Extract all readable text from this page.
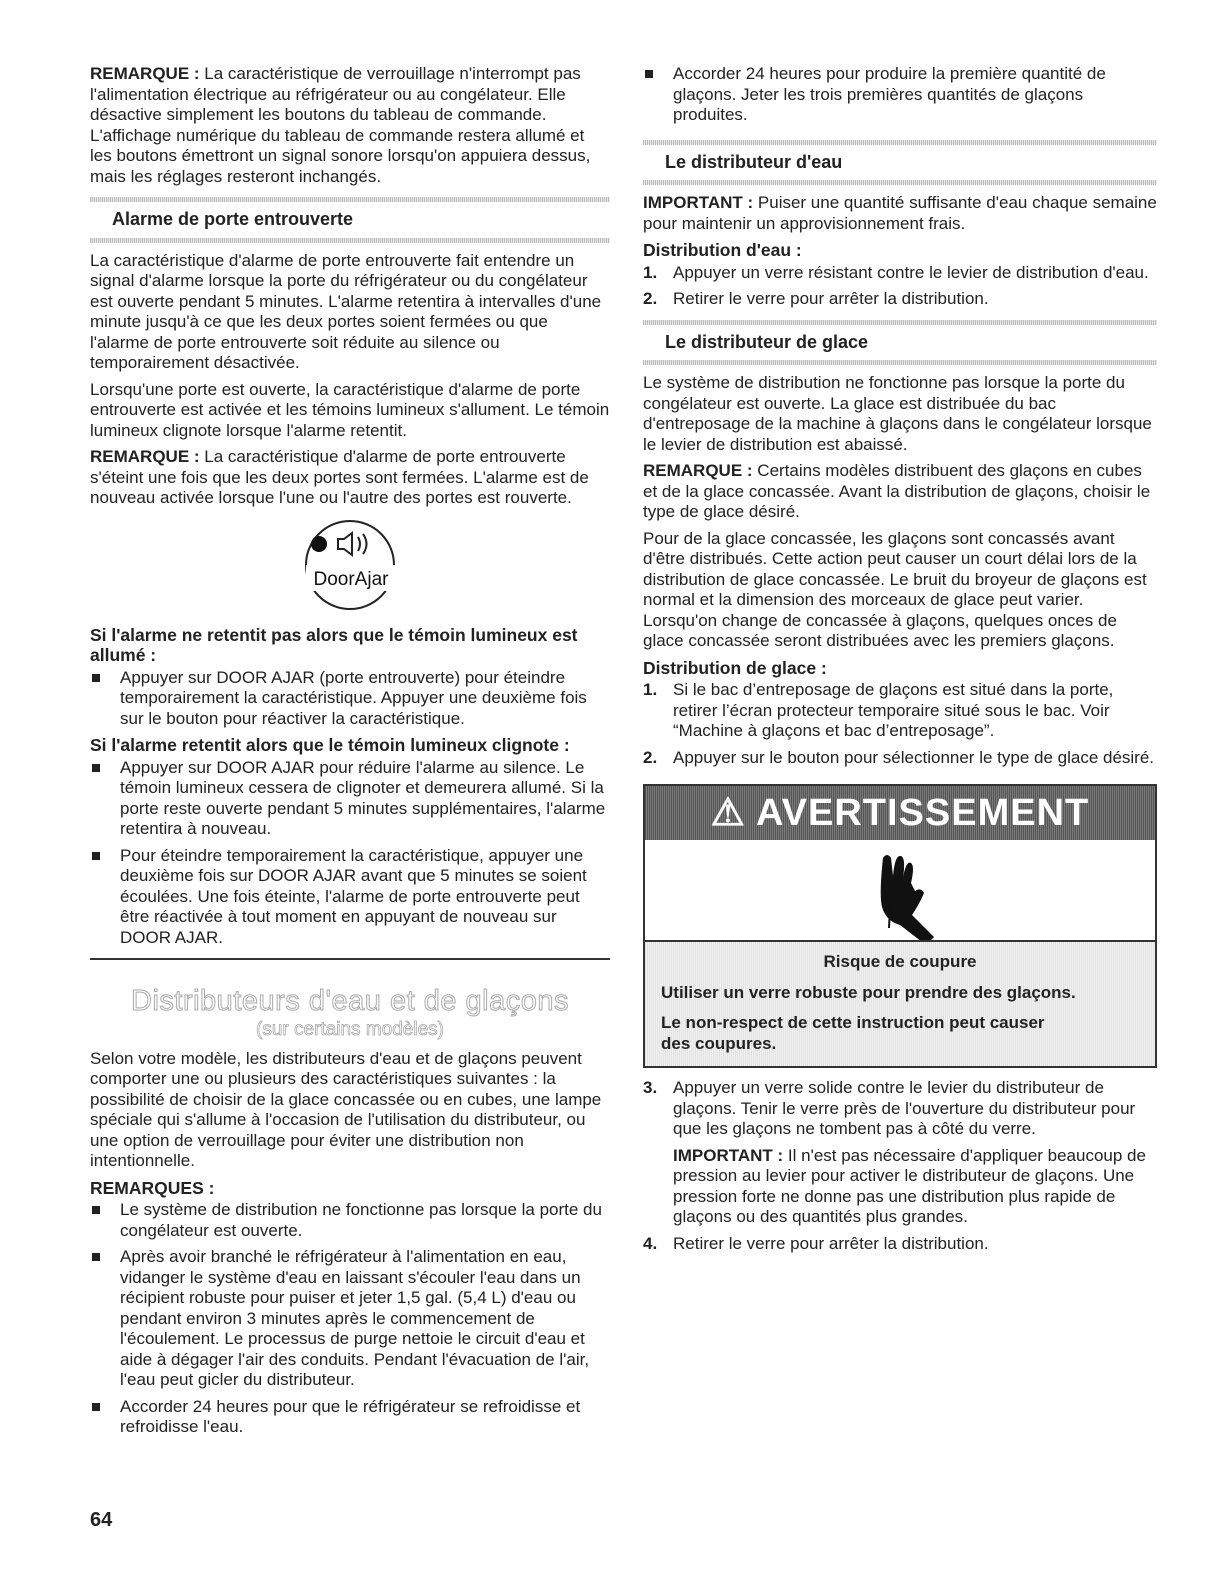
REMARQUE : La caractéristique de verrouillage n'interrompt pas l'alimentation électrique au réfrigérateur ou au congélateur. Elle désactive simplement les boutons du tableau de commande. L'affichage numérique du tableau de commande restera allumé et les boutons émettront un signal sonore lorsqu'on appuiera dessus, mais les réglages resteront inchangés.

Alarme de porte entrouverte

La caractéristique d'alarme de porte entrouverte fait entendre un signal d'alarme lorsque la porte du réfrigérateur ou du congélateur est ouverte pendant 5 minutes. L'alarme retentira à intervalles d'une minute jusqu'à ce que les deux portes soient fermées ou que l'alarme de porte entrouverte soit réduite au silence ou temporairement désactivée.

Lorsqu'une porte est ouverte, la caractéristique d'alarme de porte entrouverte est activée et les témoins lumineux s'allument. Le témoin lumineux clignote lorsque l'alarme retentit.

REMARQUE : La caractéristique d'alarme de porte entrouverte s'éteint une fois que les deux portes sont fermées. L'alarme est de nouveau activée lorsque l'une ou l'autre des portes est rouverte.

DoorAjar
Si l'alarme ne retentit pas alors que le témoin lumineux est allumé :
Appuyer sur DOOR AJAR (porte entrouverte) pour éteindre temporairement la caractéristique. Appuyer une deuxième fois sur le bouton pour réactiver la caractéristique.
Si l'alarme retentit alors que le témoin lumineux clignote :
Appuyer sur DOOR AJAR pour réduire l'alarme au silence. Le témoin lumineux cessera de clignoter et demeurera allumé. Si la porte reste ouverte pendant 5 minutes supplémentaires, l'alarme retentira à nouveau.
Pour éteindre temporairement la caractéristique, appuyer une deuxième fois sur DOOR AJAR avant que 5 minutes se soient écoulées. Une fois éteinte, l'alarme de porte entrouverte peut être réactivée à tout moment en appuyant de nouveau sur DOOR AJAR.
Distributeurs d'eau et de glaçons
(sur certains modèles)

Selon votre modèle, les distributeurs d'eau et de glaçons peuvent comporter une ou plusieurs des caractéristiques suivantes : la possibilité de choisir de la glace concassée ou en cubes, une lampe spéciale qui s'allume à l'occasion de l'utilisation du distributeur, ou une option de verrouillage pour éviter une distribution non intentionnelle.

REMARQUES :
Le système de distribution ne fonctionne pas lorsque la porte du congélateur est ouverte.
Après avoir branché le réfrigérateur à l'alimentation en eau, vidanger le système d'eau en laissant s'écouler l'eau dans un récipient robuste pour puiser et jeter 1,5 gal. (5,4 L) d'eau ou pendant environ 3 minutes après le commencement de l'écoulement. Le processus de purge nettoie le circuit d'eau et aide à dégager l'air des conduits. Pendant l'évacuation de l'air, l'eau peut gicler du distributeur.
Accorder 24 heures pour que le réfrigérateur se refroidisse et refroidisse l'eau.
Accorder 24 heures pour produire la première quantité de glaçons. Jeter les trois premières quantités de glaçons produites.
Le distributeur d'eau

IMPORTANT : Puiser une quantité suffisante d'eau chaque semaine pour maintenir un approvisionnement frais.

Distribution d'eau :
1. Appuyer un verre résistant contre le levier de distribution d'eau.
2. Retirer le verre pour arrêter la distribution.
Le distributeur de glace

Le système de distribution ne fonctionne pas lorsque la porte du congélateur est ouverte. La glace est distribuée du bac d'entreposage de la machine à glaçons dans le congélateur lorsque le levier de distribution est abaissé.

REMARQUE : Certains modèles distribuent des glaçons en cubes et de la glace concassée. Avant la distribution de glaçons, choisir le type de glace désiré.

Pour de la glace concassée, les glaçons sont concassés avant d'être distribués. Cette action peut causer un court délai lors de la distribution de glace concassée. Le bruit du broyeur de glaçons est normal et la dimension des morceaux de glace peut varier. Lorsqu'on change de concassée à glaçons, quelques onces de glace concassée seront distribuées avec les premiers glaçons.

Distribution de glace :
1. Si le bac d’entreposage de glaçons est situé dans la porte, retirer l’écran protecteur temporaire situé sous le bac. Voir “Machine à glaçons et bac d’entreposage”.
2. Appuyer sur le bouton pour sélectionner le type de glace désiré.
⚠ AVERTISSEMENT
Risque de coupure
Utiliser un verre robuste pour prendre des glaçons.
Le non-respect de cette instruction peut causer des coupures.
3. Appuyer un verre solide contre le levier du distributeur de glaçons. Tenir le verre près de l'ouverture du distributeur pour que les glaçons ne tombent pas à côté du verre.

IMPORTANT : Il n'est pas nécessaire d'appliquer beaucoup de pression au levier pour activer le distributeur de glaçons. Une pression forte ne donne pas une distribution plus rapide de glaçons ou des quantités plus grandes.

4. Retirer le verre pour arrêter la distribution.
64
